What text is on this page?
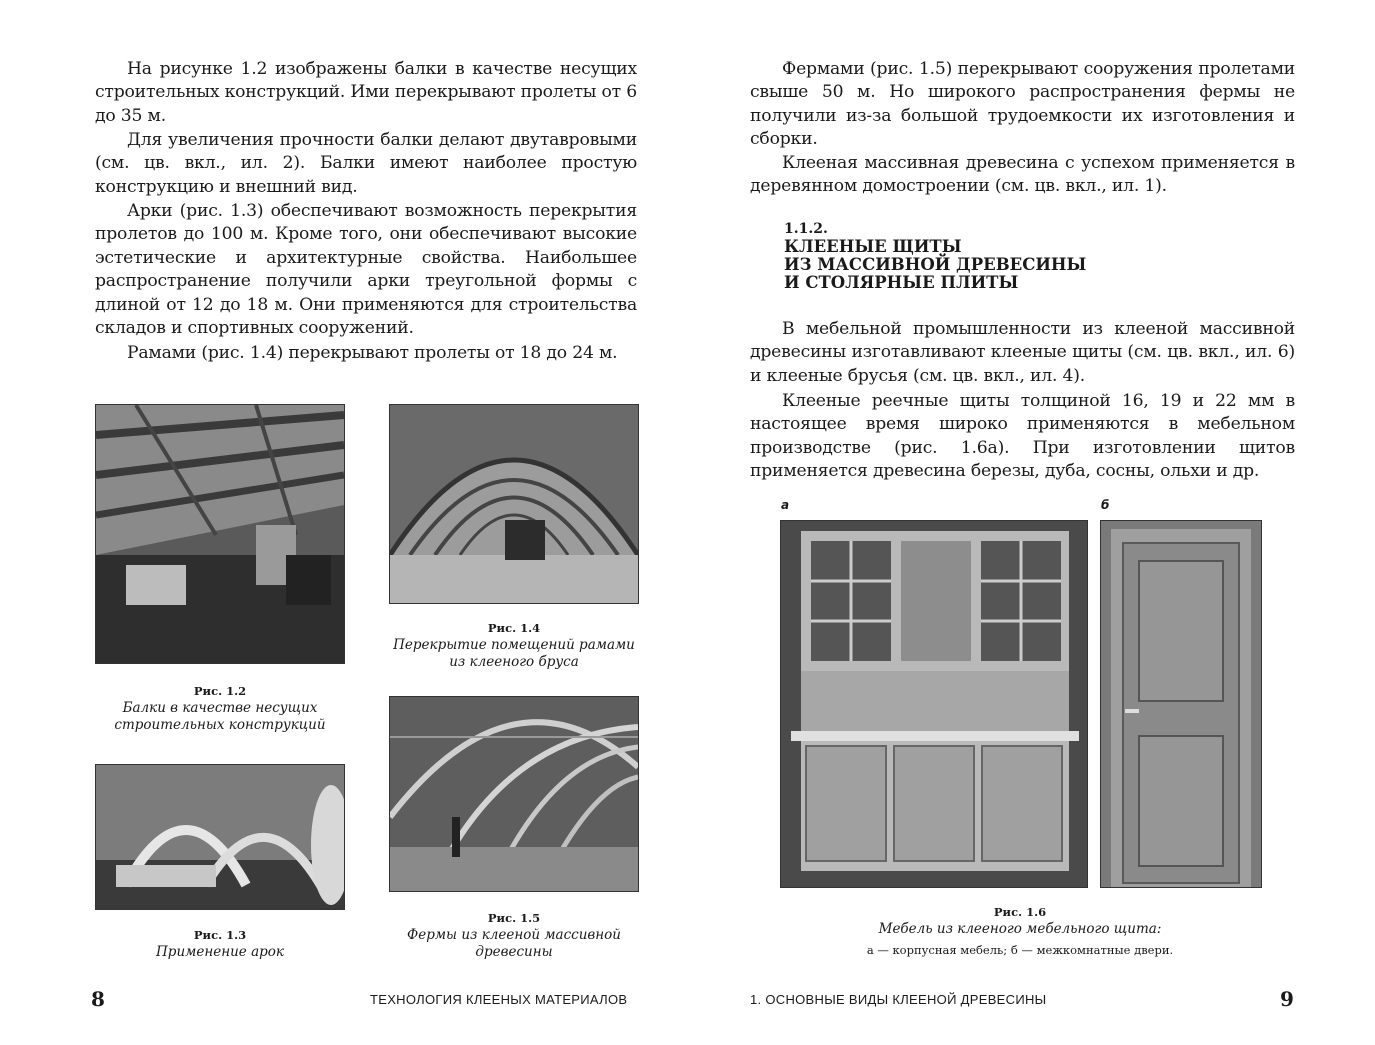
На рисунке 1.2 изображены балки в качестве несущих строительных конструкций. Ими перекрывают пролеты от 6 до 35 м.

Для увеличения прочности балки делают двутавровыми (см. цв. вкл., ил. 2). Балки имеют наиболее простую конструкцию и внешний вид.

Арки (рис. 1.3) обеспечивают возможность перекрытия пролетов до 100 м. Кроме того, они обеспечивают высокие эстетические и архитектурные свойства. Наибольшее распространение получили арки треугольной формы с длиной от 12 до 18 м. Они применяются для строительства складов и спортивных сооружений.

Рамами (рис. 1.4) перекрывают пролеты от 18 до 24 м.

Рис. 1.2
Балки в качестве несущих строительных конструкций
Рис. 1.4
Перекрытие помещений рамами из клееного бруса
Рис. 1.3
Применение арок
Рис. 1.5
Фермы из клееной массивной древесины
8	ТЕХНОЛОГИЯ КЛЕЕНЫХ МАТЕРИАЛОВ

Фермами (рис. 1.5) перекрывают сооружения пролетами свыше 50 м. Но широкого распространения фермы не получили из-за большой трудоемкости их изготовления и сборки.

Клееная массивная древесина с успехом применяется в деревянном домостроении (см. цв. вкл., ил. 1).

1.1.2.
КЛЕЕНЫЕ ЩИТЫ
ИЗ МАССИВНОЙ ДРЕВЕСИНЫ
И СТОЛЯРНЫЕ ПЛИТЫ

В мебельной промышленности из клееной массивной древесины изготавливают клееные щиты (см. цв. вкл., ил. 6) и клееные брусья (см. цв. вкл., ил. 4).

Клееные реечные щиты толщиной 16, 19 и 22 мм в настоящее время широко применяются в мебельном производстве (рис. 1.6а). При изготовлении щитов применяется древесина березы, дуба, сосны, ольхи и др.

а	б
Рис. 1.6
Мебель из клееного мебельного щита:
а — корпусная мебель; б — межкомнатные двери.
1. ОСНОВНЫЕ ВИДЫ КЛЕЕНОЙ ДРЕВЕСИНЫ	9
